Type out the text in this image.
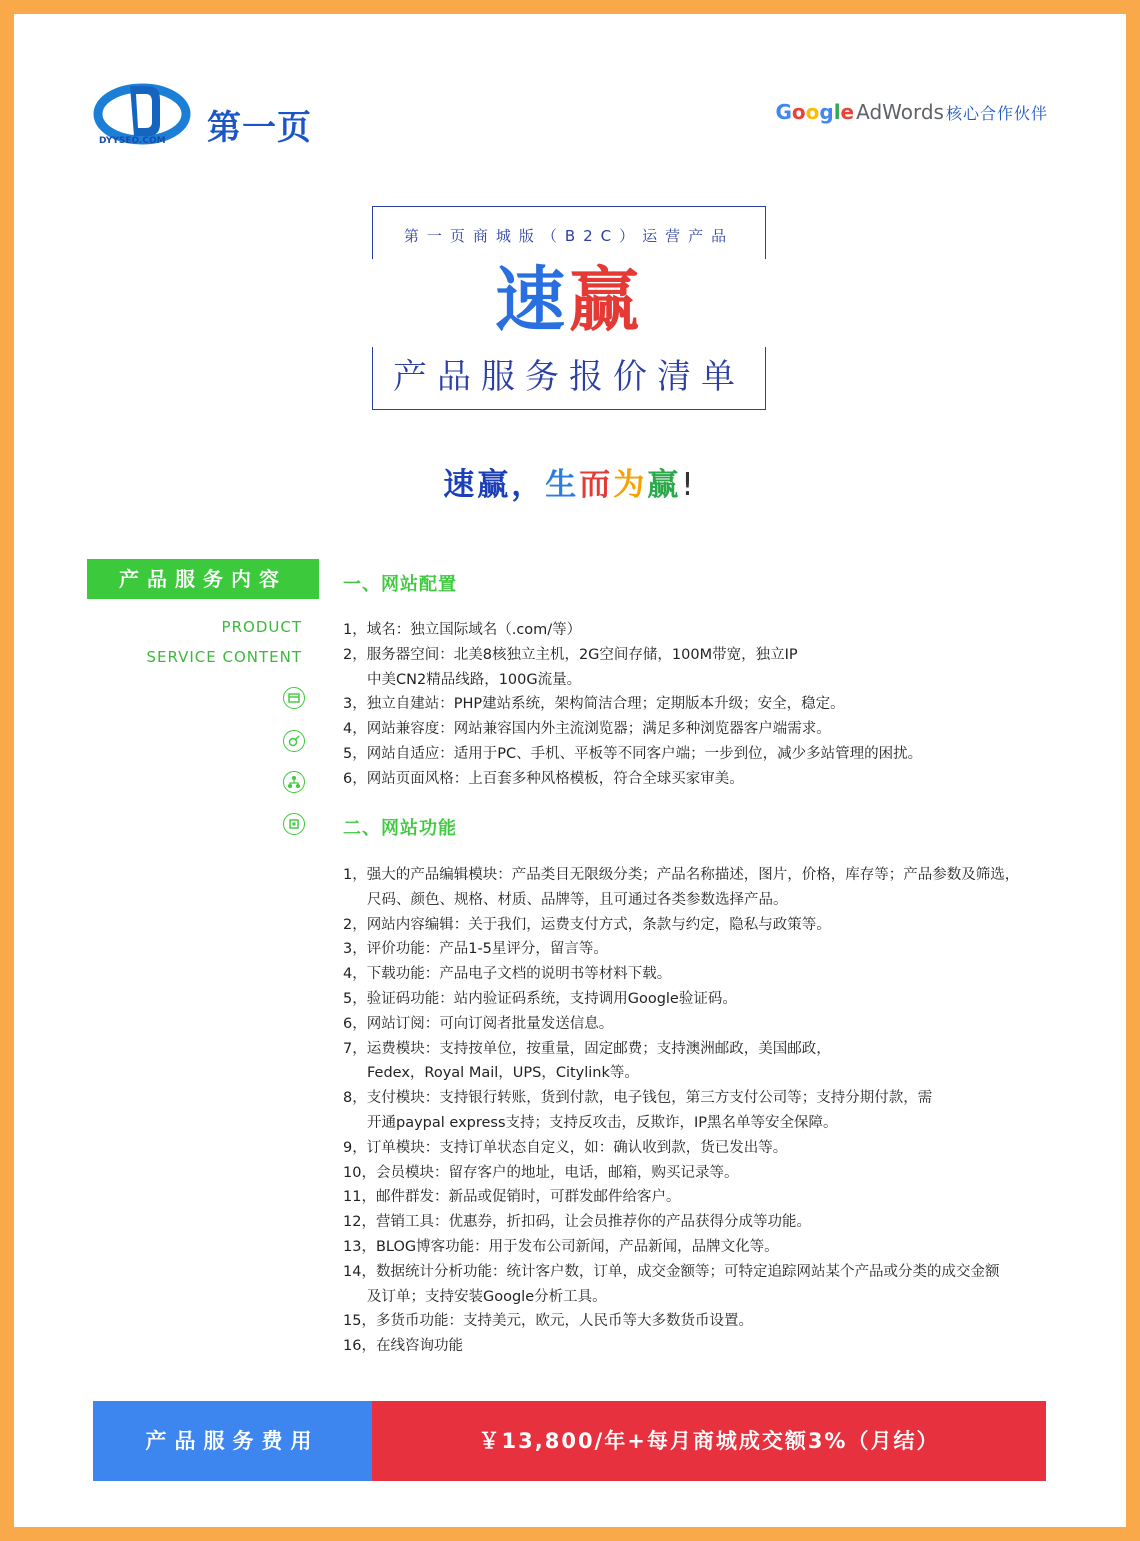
DYYSEO.COM 第一页	Google AdWords 核心合作伙伴
第一页商城版（B2C）运营产品
速赢
产品服务报价清单
速赢，生而为赢!
产品服务内容
PRODUCT
SERVICE CONTENT
一、网站配置
1，域名：独立国际域名（.com/等）
2，服务器空间：北美8核独立主机，2G空间存储，100M带宽，独立IP
中美CN2精品线路，100G流量。
3，独立自建站：PHP建站系统，架构简洁合理；定期版本升级；安全，稳定。
4，网站兼容度：网站兼容国内外主流浏览器；满足多种浏览器客户端需求。
5，网站自适应：适用于PC、手机、平板等不同客户端；一步到位，减少多站管理的困扰。
6，网站页面风格：上百套多种风格模板，符合全球买家审美。
二、网站功能
1，强大的产品编辑模块：产品类目无限级分类；产品名称描述，图片，价格，库存等；产品参数及筛选，
尺码、颜色、规格、材质、品牌等，且可通过各类参数选择产品。
2，网站内容编辑：关于我们，运费支付方式，条款与约定，隐私与政策等。
3，评价功能：产品1-5星评分，留言等。
4，下载功能：产品电子文档的说明书等材料下载。
5，验证码功能：站内验证码系统，支持调用Google验证码。
6，网站订阅：可向订阅者批量发送信息。
7，运费模块：支持按单位，按重量，固定邮费；支持澳洲邮政，美国邮政，
Fedex，Royal Mail，UPS，Citylink等。
8，支付模块：支持银行转账，货到付款，电子钱包，第三方支付公司等；支持分期付款，需
开通paypal express支持；支持反攻击，反欺诈，IP黑名单等安全保障。
9，订单模块：支持订单状态自定义，如：确认收到款，货已发出等。
10，会员模块：留存客户的地址，电话，邮箱，购买记录等。
11，邮件群发：新品或促销时，可群发邮件给客户。
12，营销工具：优惠券，折扣码，让会员推荐你的产品获得分成等功能。
13，BLOG博客功能：用于发布公司新闻，产品新闻，品牌文化等。
14，数据统计分析功能：统计客户数，订单，成交金额等；可特定追踪网站某个产品或分类的成交金额
及订单；支持安装Google分析工具。
15，多货币功能：支持美元，欧元，人民币等大多数货币设置。
16，在线咨询功能
产品服务费用	￥13,800/年+每月商城成交额3%（月结）
